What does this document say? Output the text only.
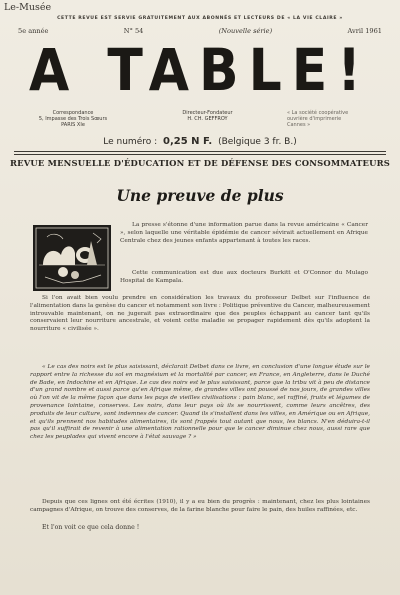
Le-Musée
CETTE REVUE EST SERVIE GRATUITEMENT AUX ABONNÉS ET LECTEURS DE « LA VIE CLAIRE »
5e année	N° 54	(Nouvelle série)	Avril 1961
A TABLE!
Correspondance
5, Impasse des Trois Sœurs
PARIS XIe
Directeur-Fondateur
H. CH. GEFFROY
« La société coopérative
ouvrière d'imprimerie
Cannes »
Le numéro : 0,25 N F. (Belgique 3 fr. B.)
REVUE MENSUELLE D'ÉDUCATION ET DE DÉFENSE DES CONSOMMATEURS
Une preuve de plus

La presse s'étonne d'une information parue dans la revue américaine « Cancer », selon laquelle une véritable épidémie de cancer sévirait actuellement en Afrique Centrale chez des jeunes enfants appartenant à toutes les races.

Cette communication est due aux docteurs Burkitt et O'Connor du Mulago Hospital de Kampala.

Si l'on avait bien voulu prendre en considération les travaux du professeur Delbet sur l'influence de l'alimentation dans la genèse du cancer et notamment son livre : Politique préventive du Cancer, malheureusement introuvable maintenant, on ne jugerait pas extraordinaire que des peuples échappant au cancer tant qu'ils conservaient leur nourriture ancestrale, et voient cette maladie se propager rapidement dès qu'ils adoptent la nourriture « civilisée ».

« Le cas des noirs est le plus saisissant, déclarait Delbet dans ce livre, en conclusion d'une longue étude sur le rapport entre la richesse du sol en magnésium et la mortalité par cancer, en France, en Angleterre, dans le Duché de Bade, en Indochine et en Afrique. Le cas des noirs est le plus saisissant, parce que la tribu vit à peu de distance d'un grand nombre et aussi parce qu'en Afrique même, de grandes villes ont poussé de nos jours, de grandes villes où l'on vit de la même façon que dans les pays de vieilles civilisations : pain blanc, sel raffiné, fruits et légumes de provenance lointaine, conserves. Les noirs, dans leur pays où ils se nourrissent, comme leurs ancêtres, des produits de leur culture, sont indemnes de cancer. Quand ils s'installent dans les villes, en Amérique ou en Afrique, et qu'ils prennent nos habitudes alimentaires, ils sont frappés tout autant que nous, les blancs. N'en déduira-t-il pas qu'il suffirait de revenir à une alimentation rationnelle pour que le cancer diminue chez nous, aussi rare que chez les peuplades qui vivent encore à l'état sauvage ? »

Depuis que ces lignes ont été écrites (1910), il y a eu bien du progrès : maintenant, chez les plus lointaines campagnes d'Afrique, on trouve des conserves, de la farine blanche pour faire le pain, des huiles raffinées, etc.

Et l'on voit ce que cela donne !
